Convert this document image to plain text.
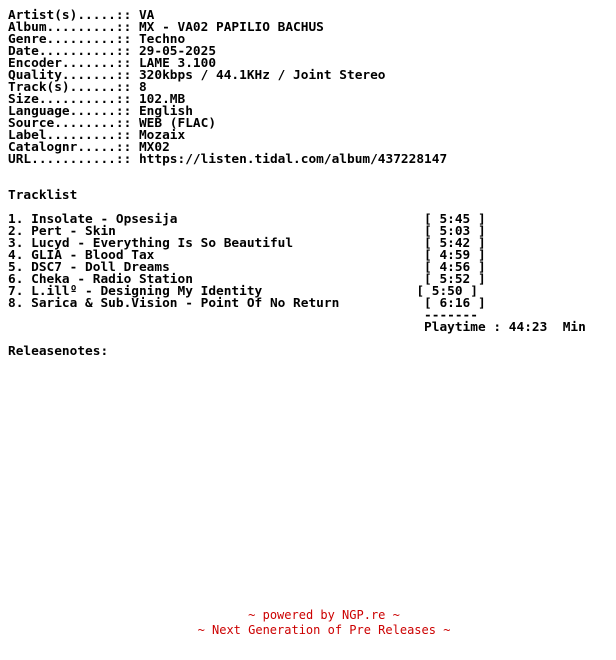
Artist(s).....:: VA
Album.........:: MX - VA02 PAPILIO BACHUS
Genre.........:: Techno
Date..........:: 29-05-2025
Encoder.......:: LAME 3.100
Quality.......:: 320kbps / 44.1KHz / Joint Stereo
Track(s)......:: 8
Size..........:: 102.MB
Language......:: English
Source........:: WEB (FLAC)
Label.........:: Mozaix
Catalognr.....:: MX02
URL...........:: https://listen.tidal.com/album/437228147
Tracklist
1. Insolate - Opsesija                                [ 5:45 ]
2. Pert - Skin                                        [ 5:03 ]
3. Lucyd - Everything Is So Beautiful                 [ 5:42 ]
4. GLIA - Blood Tax                                   [ 4:59 ]
5. DSC7 - Doll Dreams                                 [ 4:56 ]
6. Cheka - Radio Station                              [ 5:52 ]
7. L.illº - Designing My Identity                    [ 5:50 ]
8. Sarica & Sub.Vision - Point Of No Return           [ 6:16 ]
-------
Playtime : 44:23  Min
Releasenotes:
~ powered by NGP.re ~
~ Next Generation of Pre Releases ~
